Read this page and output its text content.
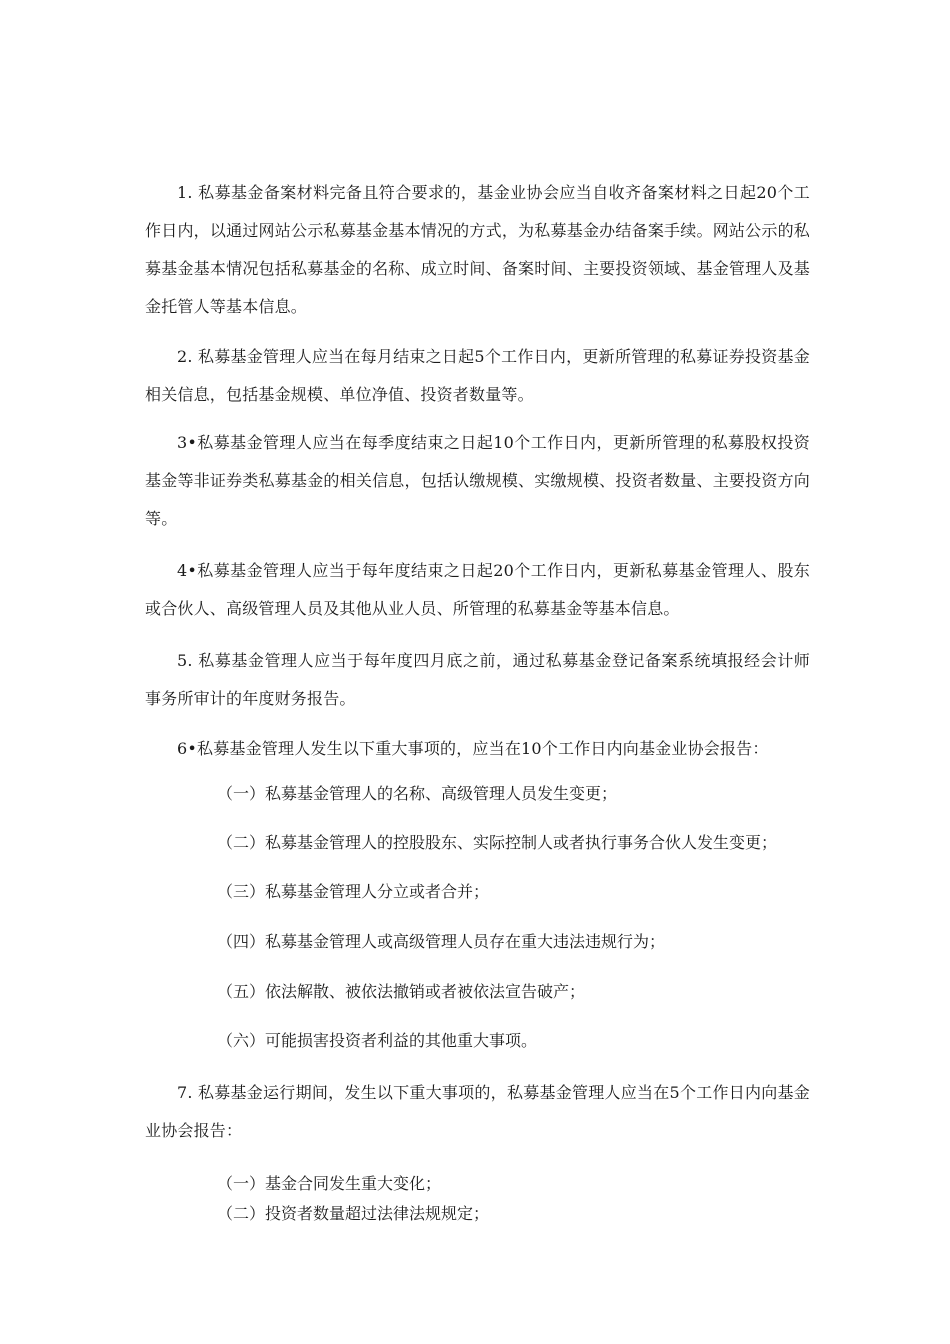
1. 私募基金备案材料完备且符合要求的，基金业协会应当自收齐备案材料之日起20个工作日内，以通过网站公示私募基金基本情况的方式，为私募基金办结备案手续。网站公示的私募基金基本情况包括私募基金的名称、成立时间、备案时间、主要投资领域、基金管理人及基金托管人等基本信息。

2. 私募基金管理人应当在每月结束之日起5个工作日内，更新所管理的私募证券投资基金相关信息，包括基金规模、单位净值、投资者数量等。

3•私募基金管理人应当在每季度结束之日起10个工作日内，更新所管理的私募股权投资基金等非证券类私募基金的相关信息，包括认缴规模、实缴规模、投资者数量、主要投资方向等。

4•私募基金管理人应当于每年度结束之日起20个工作日内，更新私募基金管理人、股东或合伙人、高级管理人员及其他从业人员、所管理的私募基金等基本信息。

5. 私募基金管理人应当于每年度四月底之前，通过私募基金登记备案系统填报经会计师事务所审计的年度财务报告。

6•私募基金管理人发生以下重大事项的，应当在10个工作日内向基金业协会报告：

（一）私募基金管理人的名称、高级管理人员发生变更；

（二）私募基金管理人的控股股东、实际控制人或者执行事务合伙人发生变更；

（三）私募基金管理人分立或者合并；

（四）私募基金管理人或高级管理人员存在重大违法违规行为；

（五）依法解散、被依法撤销或者被依法宣告破产；

（六）可能损害投资者利益的其他重大事项。

7. 私募基金运行期间，发生以下重大事项的，私募基金管理人应当在5个工作日内向基金业协会报告：

（一）基金合同发生重大变化；

（二）投资者数量超过法律法规规定；
